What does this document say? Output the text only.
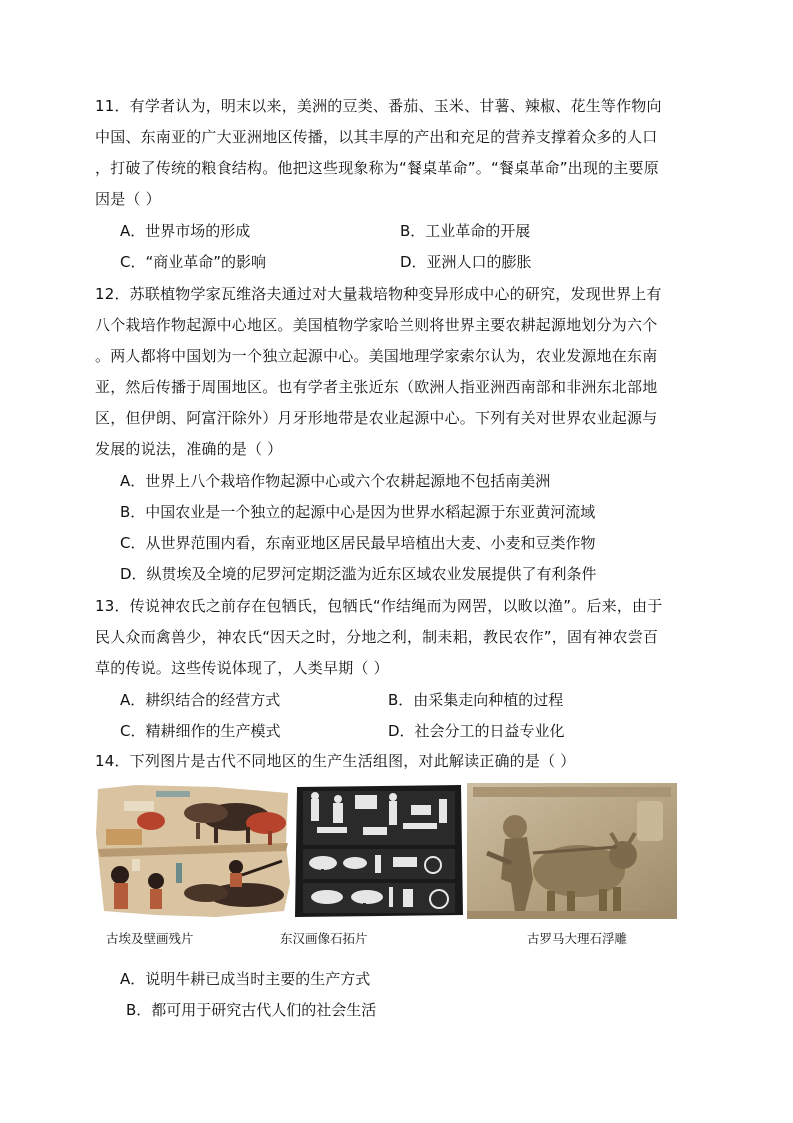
11．有学者认为，明末以来，美洲的豆类、番茄、玉米、甘薯、辣椒、花生等作物向
中国、东南亚的广大亚洲地区传播，以其丰厚的产出和充足的营养支撑着众多的人口
，打破了传统的粮食结构。他把这些现象称为“餐桌革命”。“餐桌革命”出现的主要原
因是（ ）
A．世界市场的形成	B．工业革命的开展
C．“商业革命”的影响	D．亚洲人口的膨胀
12．苏联植物学家瓦维洛夫通过对大量栽培物种变异形成中心的研究，发现世界上有
八个栽培作物起源中心地区。美国植物学家哈兰则将世界主要农耕起源地划分为六个
。两人都将中国划为一个独立起源中心。美国地理学家索尔认为，农业发源地在东南
亚，然后传播于周围地区。也有学者主张近东（欧洲人指亚洲西南部和非洲东北部地
区，但伊朗、阿富汗除外）月牙形地带是农业起源中心。下列有关对世界农业起源与
发展的说法，准确的是（ ）
A．世界上八个栽培作物起源中心或六个农耕起源地不包括南美洲
B．中国农业是一个独立的起源中心是因为世界水稻起源于东亚黄河流域
C．从世界范围内看，东南亚地区居民最早培植出大麦、小麦和豆类作物
D．纵贯埃及全境的尼罗河定期泛滥为近东区域农业发展提供了有利条件
13．传说神农氏之前存在包牺氏，包牺氏“作结绳而为网罟，以畋以渔”。后来，由于
民人众而禽兽少，神农氏“因天之时，分地之利，制耒耜，教民农作”，固有神农尝百
草的传说。这些传说体现了，人类早期（ ）
A．耕织结合的经营方式	B．由采集走向种植的过程
C．精耕细作的生产模式	D．社会分工的日益专业化
14．下列图片是古代不同地区的生产生活组图，对此解读正确的是（ ）
古埃及壁画残片	东汉画像石拓片	古罗马大理石浮雕
A．说明牛耕已成当时主要的生产方式
B．都可用于研究古代人们的社会生活
